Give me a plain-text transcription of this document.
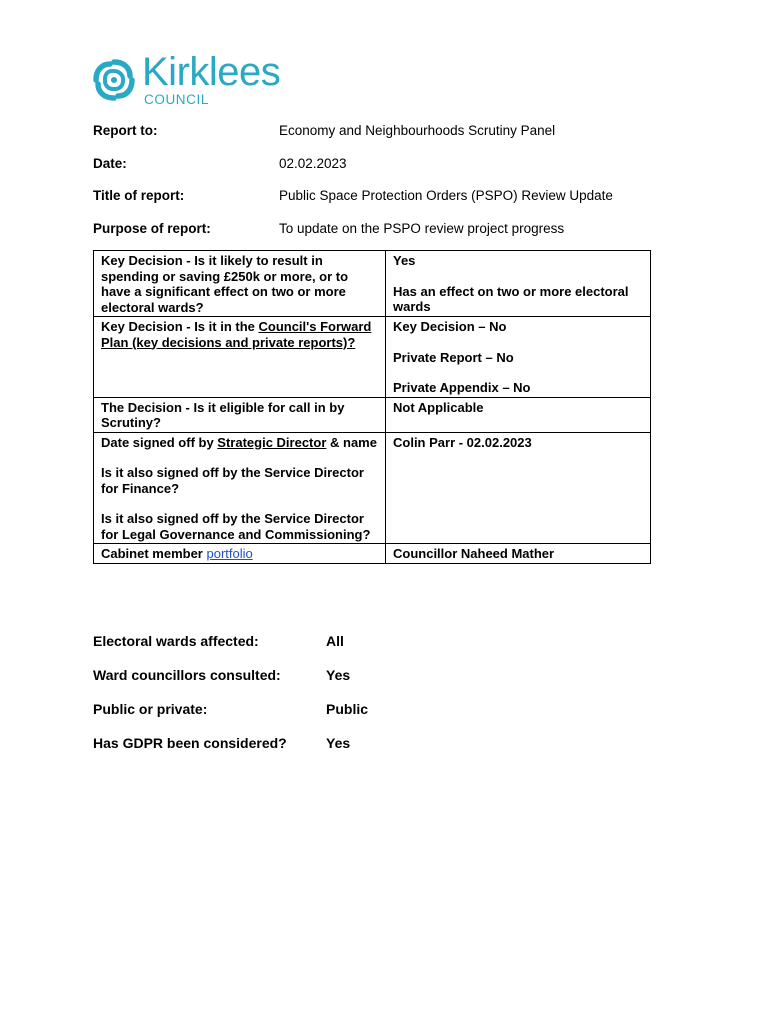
Kirklees
COUNCIL
Report to:	Economy and Neighbourhoods Scrutiny Panel
Date:	02.02.2023
Title of report:	Public Space Protection Orders (PSPO) Review Update
Purpose of report:	To update on the PSPO review project progress
Key Decision - Is it likely to result in spending or saving £250k or more, or to have a significant effect on two or more electoral wards?	Yes
Has an effect on two or more electoral wards

Key Decision - Is it in the Council's Forward Plan (key decisions and private reports)?	Key Decision – No
Private Report – No
Private Appendix – No

The Decision - Is it eligible for call in by Scrutiny?	Not Applicable

Date signed off by Strategic Director & name
Is it also signed off by the Service Director for Finance?
Is it also signed off by the Service Director for Legal Governance and Commissioning?	Colin Parr - 02.02.2023
Cabinet member portfolio	Councillor Naheed Mather
Electoral wards affected:	All
Ward councillors consulted:	Yes
Public or private:	Public
Has GDPR been considered?	Yes
